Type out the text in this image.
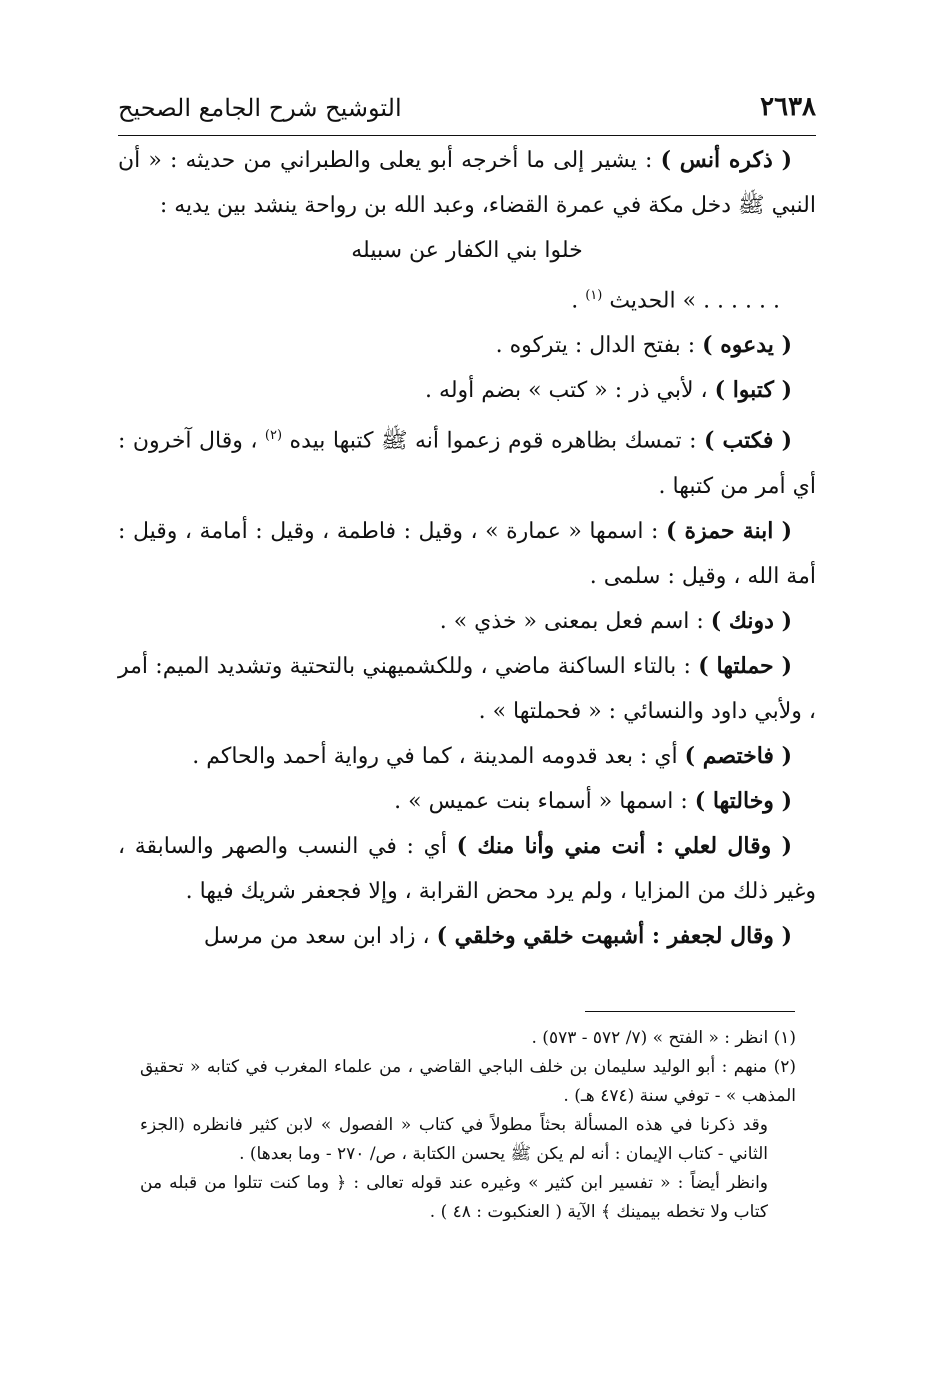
٢٦٣٨
التوشيح شرح الجامع الصحيح

( ذكره أنس ) : يشير إلى ما أخرجه أبو يعلى والطبراني من حديثه : « أن النبي ﷺ دخل مكة في عمرة القضاء، وعبد الله بن رواحة ينشد بين يديه :

خلوا بني الكفار عن سبيله

. . . . . . » الحديث $^{(١)}$ .

( يدعوه ) : بفتح الدال : يتركوه .

( كتبوا ) ، لأبي ذر : « كتب » بضم أوله .

( فكتب ) : تمسك بظاهره قوم زعموا أنه ﷺ كتبها بيده $^{(٢)}$ ، وقال آخرون : أي أمر من كتبها .

( ابنة حمزة ) : اسمها « عمارة » ، وقيل : فاطمة ، وقيل : أمامة ، وقيل : أمة الله ، وقيل : سلمى .

( دونك ) : اسم فعل بمعنى « خذي » .

( حملتها ) : بالتاء الساكنة ماضي ، وللكشميهني بالتحتية وتشديد الميم: أمر ، ولأبي داود والنسائي : « فحملتها » .

( فاختصم ) أي : بعد قدومه المدينة ، كما في رواية أحمد والحاكم .

( وخالتها ) : اسمها « أسماء بنت عميس » .

( وقال لعلي : أنت مني وأنا منك ) أي : في النسب والصهر والسابقة ، وغير ذلك من المزايا ، ولم يرد محض القرابة ، وإلا فجعفر شريك فيها .

( وقال لجعفر : أشبهت خلقي وخلقي ) ، زاد ابن سعد من مرسل

(١) انظر : « الفتح » (٧/ ٥٧٢ - ٥٧٣) .

(٢) منهم : أبو الوليد سليمان بن خلف الباجي القاضي ، من علماء المغرب في كتابه « تحقيق المذهب » - توفي سنة (٤٧٤ هـ) .

وقد ذكرنا في هذه المسألة بحثاً مطولاً في كتاب « الفصول » لابن كثير فانظره (الجزء الثاني - كتاب الإيمان : أنه لم يكن ﷺ يحسن الكتابة ، ص/ ٢٧٠ - وما بعدها) .

وانظر أيضاً : « تفسير ابن كثير » وغيره عند قوله تعالى : ﴿ وما كنت تتلوا من قبله من كتاب ولا تخطه بيمينك ﴾ الآية ( العنكبوت : ٤٨ ) .
